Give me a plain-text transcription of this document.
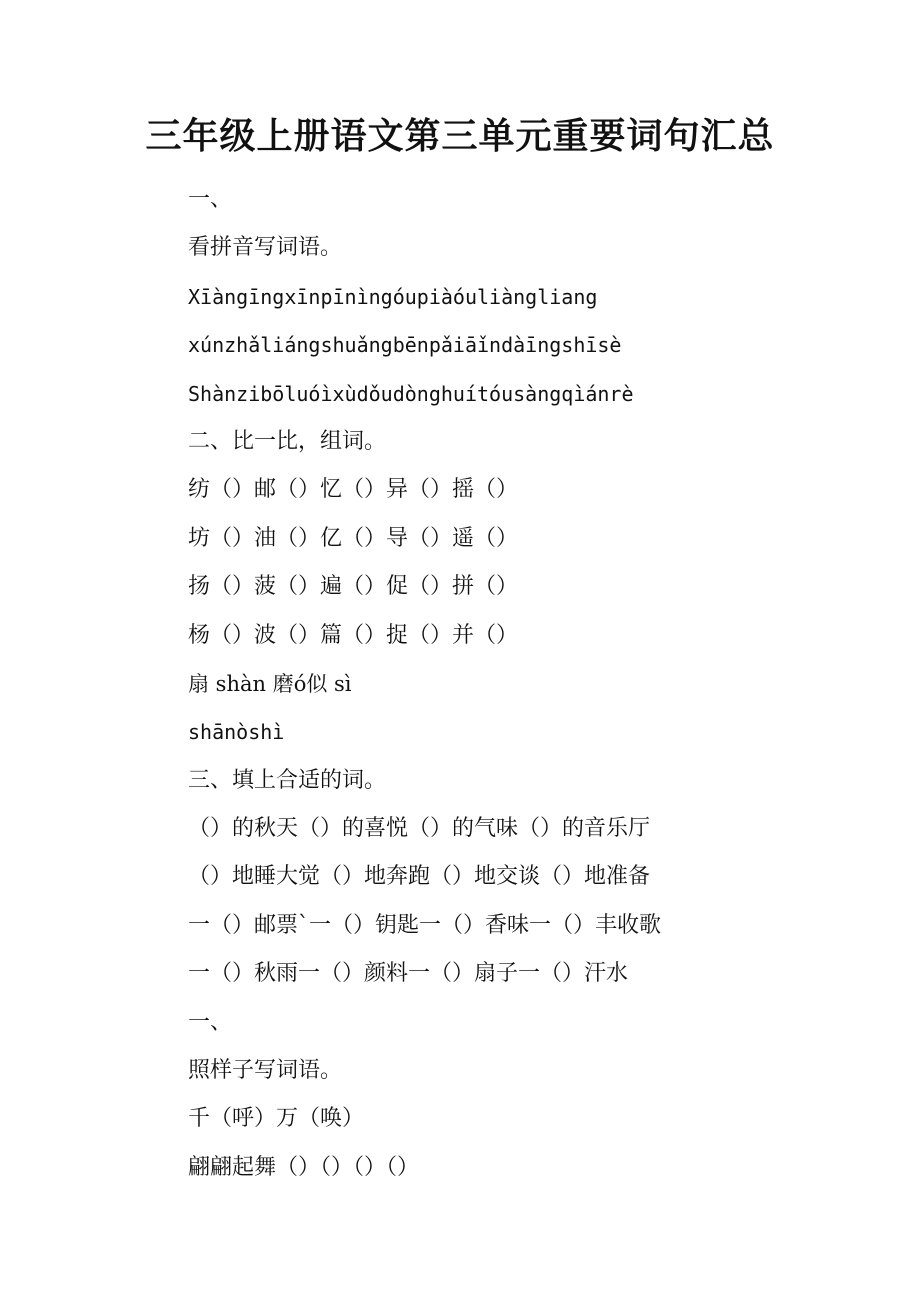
三年级上册语文第三单元重要词句汇总

一、

看拼音写词语。

Xīàngīngxīnpīnìngóupiàóuliàngliang

xúnzhǎliángshuǎngbēnpǎiāǐndàīngshīsè

Shànzibōluóìxùdǒudònghuítóusàngqìánrè

二、比一比，组词。

纺（）邮（）忆（）异（）摇（）

坊（）油（）亿（）导（）遥（）

扬（）菠（）遍（）促（）拼（）

杨（）波（）篇（）捉（）并（）

扇 shàn 磨ó似 sì

shānòshì

三、填上合适的词。

（）的秋天（）的喜悦（）的气味（）的音乐厅

（）地睡大觉（）地奔跑（）地交谈（）地准备

一（）邮票`一（）钥匙一（）香味一（）丰收歌

一（）秋雨一（）颜料一（）扇子一（）汗水

一、

照样子写词语。

千（呼）万（唤）

翩翩起舞（）（）（）（）
